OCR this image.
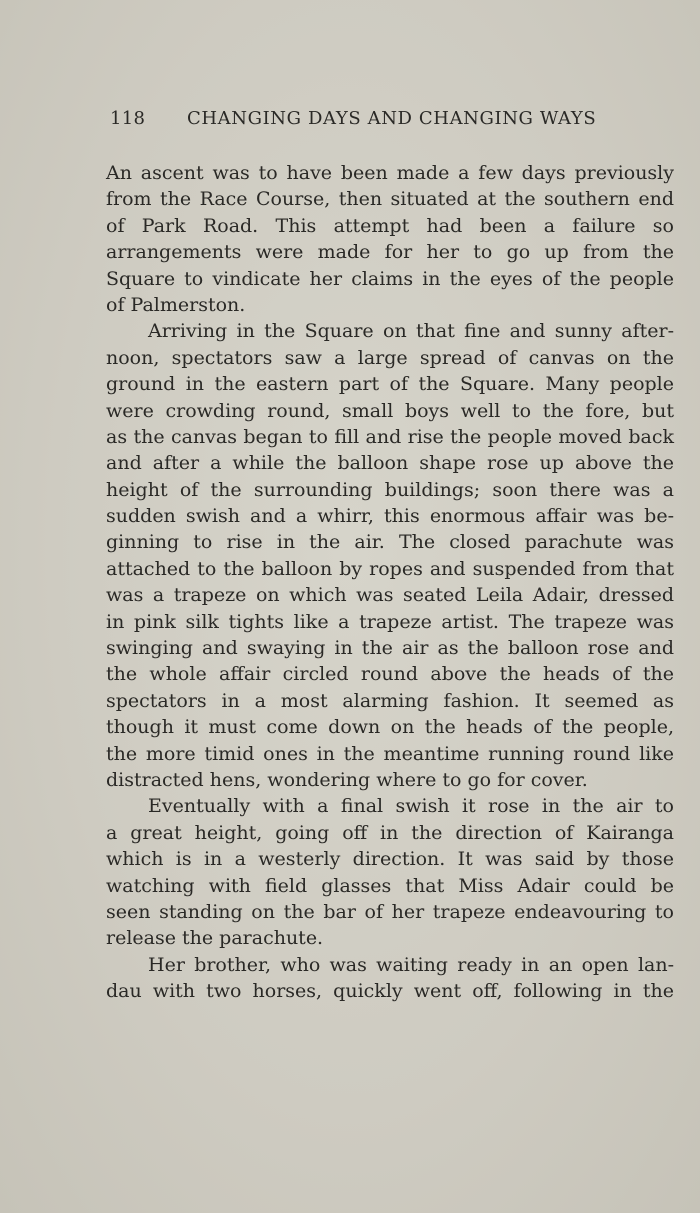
118 CHANGING DAYS AND CHANGING WAYS

An ascent was to have been made a few days previously
from the Race Course, then situated at the southern end
of Park Road. This attempt had been a failure so
arrangements were made for her to go up from the
Square to vindicate her claims in the eyes of the people
of Palmerston.

Arriving in the Square on that fine and sunny after-
noon, spectators saw a large spread of canvas on the
ground in the eastern part of the Square. Many people
were crowding round, small boys well to the fore, but
as the canvas began to fill and rise the people moved back
and after a while the balloon shape rose up above the
height of the surrounding buildings; soon there was a
sudden swish and a whirr, this enormous affair was be-
ginning to rise in the air. The closed parachute was
attached to the balloon by ropes and suspended from that
was a trapeze on which was seated Leila Adair, dressed
in pink silk tights like a trapeze artist. The trapeze was
swinging and swaying in the air as the balloon rose and
the whole affair circled round above the heads of the
spectators in a most alarming fashion. It seemed as
though it must come down on the heads of the people,
the more timid ones in the meantime running round like
distracted hens, wondering where to go for cover.

Eventually with a final swish it rose in the air to
a great height, going off in the direction of Kairanga
which is in a westerly direction. It was said by those
watching with field glasses that Miss Adair could be
seen standing on the bar of her trapeze endeavouring to
release the parachute.

Her brother, who was waiting ready in an open lan-
dau with two horses, quickly went off, following in the
